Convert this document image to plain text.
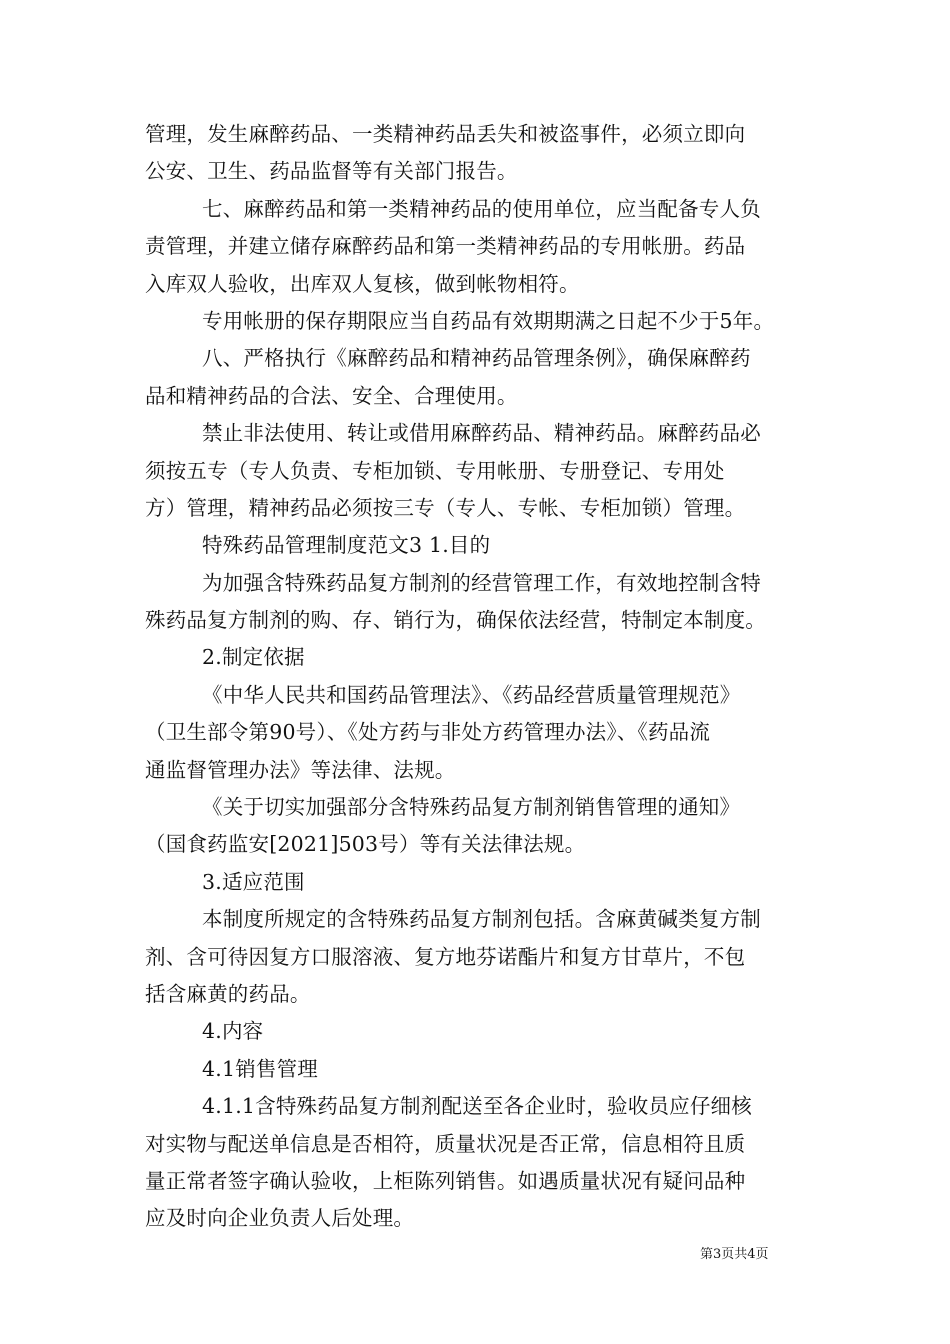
管理，发生麻醉药品、一类精神药品丢失和被盗事件，必须立即向
公安、卫生、药品监督等有关部门报告。
七、麻醉药品和第一类精神药品的使用单位，应当配备专人负
责管理，并建立储存麻醉药品和第一类精神药品的专用帐册。药品
入库双人验收，出库双人复核，做到帐物相符。
专用帐册的保存期限应当自药品有效期期满之日起不少于5年。
八、严格执行《麻醉药品和精神药品管理条例》，确保麻醉药
品和精神药品的合法、安全、合理使用。
禁止非法使用、转让或借用麻醉药品、精神药品。麻醉药品必
须按五专（专人负责、专柜加锁、专用帐册、专册登记、专用处
方）管理，精神药品必须按三专（专人、专帐、专柜加锁）管理。
特殊药品管理制度范文3 1.目的
为加强含特殊药品复方制剂的经营管理工作，有效地控制含特
殊药品复方制剂的购、存、销行为，确保依法经营，特制定本制度。
2.制定依据
《中华人民共和国药品管理法》、《药品经营质量管理规范》
（卫生部令第90号）、《处方药与非处方药管理办法》、《药品流
通监督管理办法》等法律、法规。
《关于切实加强部分含特殊药品复方制剂销售管理的通知》
（国食药监安[2021]503号）等有关法律法规。
3.适应范围
本制度所规定的含特殊药品复方制剂包括。含麻黄碱类复方制
剂、含可待因复方口服溶液、复方地芬诺酯片和复方甘草片，不包
括含麻黄的药品。
4.内容
4.1销售管理
4.1.1含特殊药品复方制剂配送至各企业时，验收员应仔细核
对实物与配送单信息是否相符，质量状况是否正常，信息相符且质
量正常者签字确认验收，上柜陈列销售。如遇质量状况有疑问品种
应及时向企业负责人后处理。
第3页共4页
